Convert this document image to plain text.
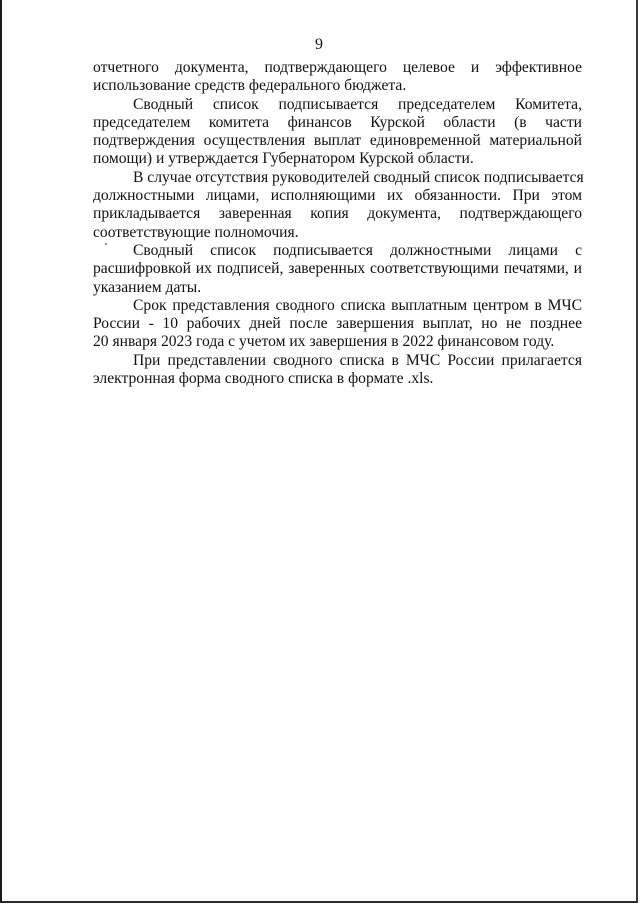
9

отчетного документа, подтверждающего целевое и эффективное
использование средств федерального бюджета.

Сводный список подписывается председателем Комитета,
председателем комитета финансов Курской области (в части
подтверждения осуществления выплат единовременной материальной
помощи) и утверждается Губернатором Курской области.

В случае отсутствия руководителей сводный список подписывается
должностными лицами, исполняющими их обязанности. При этом
прикладывается заверенная копия документа, подтверждающего
соответствующие полномочия.

Сводный список подписывается должностными лицами с
расшифровкой их подписей, заверенных соответствующими печатями, и
указанием даты.

Срок представления сводного списка выплатным центром в МЧС
России - 10 рабочих дней после завершения выплат, но не позднее
20 января 2023 года с учетом их завершения в 2022 финансовом году.

При представлении сводного списка в МЧС России прилагается
электронная форма сводного списка в формате .xls.
